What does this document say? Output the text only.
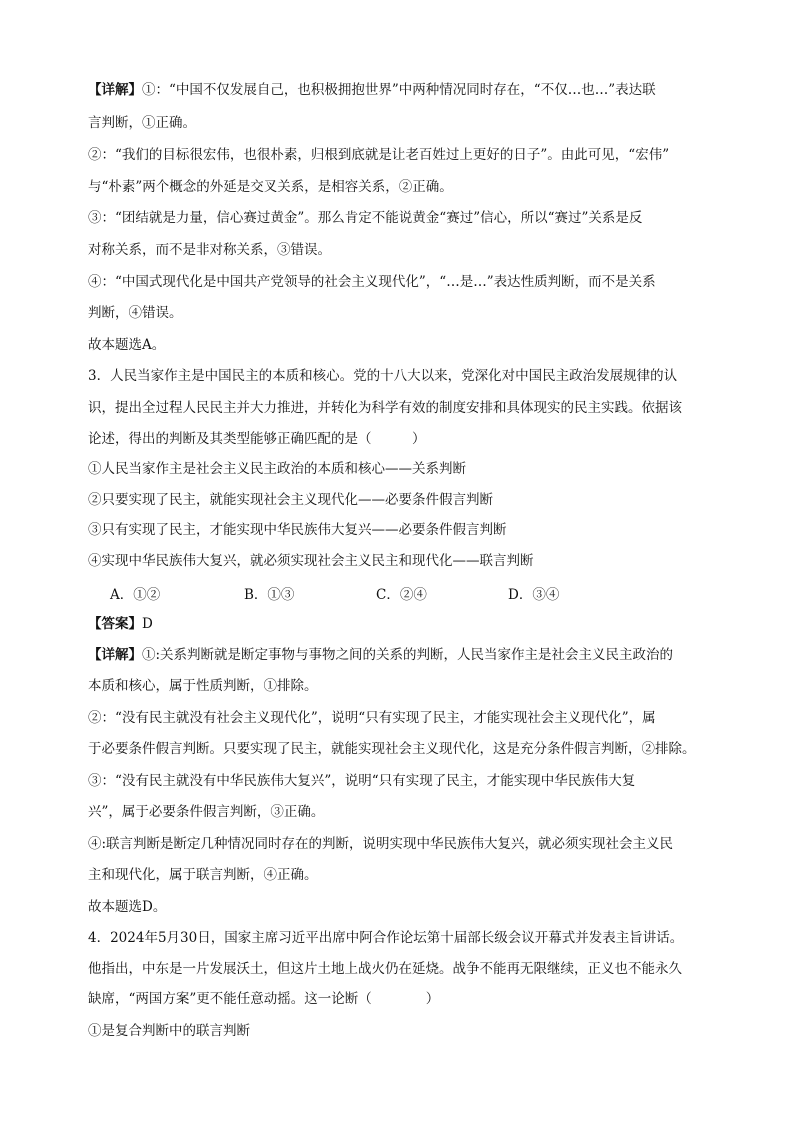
【详解】①：“中国不仅发展自己，也积极拥抱世界”中两种情况同时存在，“不仅…也…”表达联
言判断，①正确。
②：“我们的目标很宏伟，也很朴素，归根到底就是让老百姓过上更好的日子”。由此可见，“宏伟”
与“朴素”两个概念的外延是交叉关系，是相容关系，②正确。
③：“团结就是力量，信心赛过黄金”。那么肯定不能说黄金“赛过”信心，所以“赛过”关系是反
对称关系，而不是非对称关系，③错误。
④：“中国式现代化是中国共产党领导的社会主义现代化”，“…是…”表达性质判断，而不是关系
判断，④错误。
故本题选A。
3．人民当家作主是中国民主的本质和核心。党的十八大以来，党深化对中国民主政治发展规律的认
识，提出全过程人民民主并大力推进，并转化为科学有效的制度安排和具体现实的民主实践。依据该
论述，得出的判断及其类型能够正确匹配的是（　　　）
①人民当家作主是社会主义民主政治的本质和核心——关系判断
②只要实现了民主，就能实现社会主义现代化——必要条件假言判断
③只有实现了民主，才能实现中华民族伟大复兴——必要条件假言判断
④实现中华民族伟大复兴，就必须实现社会主义民主和现代化——联言判断
A．①②	B．①③	C．②④	D．③④
【答案】D
【详解】①:关系判断就是断定事物与事物之间的关系的判断，人民当家作主是社会主义民主政治的
本质和核心，属于性质判断，①排除。
②：“没有民主就没有社会主义现代化”，说明“只有实现了民主，才能实现社会主义现代化”，属
于必要条件假言判断。只要实现了民主，就能实现社会主义现代化，这是充分条件假言判断，②排除。
③：“没有民主就没有中华民族伟大复兴”，说明“只有实现了民主，才能实现中华民族伟大复
兴”，属于必要条件假言判断，③正确。
④:联言判断是断定几种情况同时存在的判断，说明实现中华民族伟大复兴，就必须实现社会主义民
主和现代化，属于联言判断，④正确。
故本题选D。
4．2024年5月30日，国家主席习近平出席中阿合作论坛第十届部长级会议开幕式并发表主旨讲话。
他指出，中东是一片发展沃土，但这片土地上战火仍在延烧。战争不能再无限继续，正义也不能永久
缺席，“两国方案”更不能任意动摇。这一论断（　　　　）
①是复合判断中的联言判断
